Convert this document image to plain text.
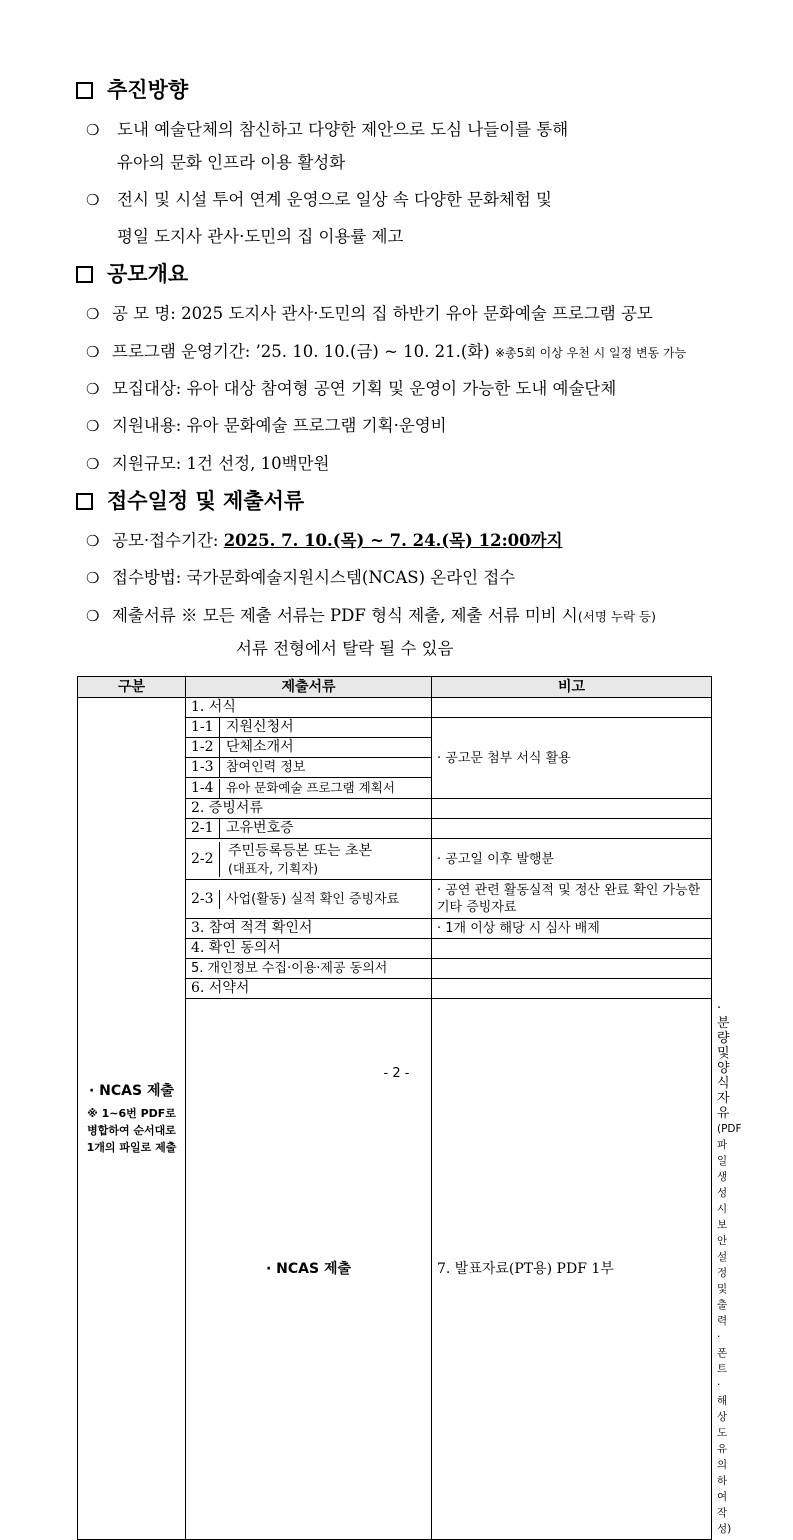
추진방향
❍	도내 예술단체의 참신하고 다양한 제안으로 도심 나들이를 통해
유아의 문화 인프라 이용 활성화
❍	전시 및 시설 투어 연계 운영으로 일상 속 다양한 문화체험 및
평일 도지사 관사·도민의 집 이용률 제고
공모개요
❍ 공 모 명: 2025 도지사 관사·도민의 집 하반기 유아 문화예술 프로그램 공모
❍ 프로그램 운영기간: ’25. 10. 10.(금) ~ 10. 21.(화) ※총5회 이상 우천 시 일정 변동 가능
❍ 모집대상: 유아 대상 참여형 공연 기획 및 운영이 가능한 도내 예술단체
❍ 지원내용: 유아 문화예술 프로그램 기획·운영비
❍ 지원규모: 1건 선정, 10백만원
접수일정 및 제출서류
❍ 공모·접수기간: 2025. 7. 10.(목) ~ 7. 24.(목) 12:00까지
❍ 접수방법: 국가문화예술지원시스템(NCAS) 온라인 접수
❍ 제출서류 ※ 모든 제출 서류는 PDF 형식 제출, 제출 서류 미비 시(서명 누락 등)
서류 전형에서 탈락 될 수 있음
구분	제출서류	비고	

· NCAS 제출
※ 1~6번 PDF로 병합하여 순서대로 1개의 파일로 제출	1. 서식		
	1-1 지원신청서	· 공고문 첨부 서식 활용	
	1-2 단체소개서		
	1-3 참여인력 정보		
	1-4 유아 문화예술 프로그램 계획서		
	2. 증빙서류		
	2-1 고유번호증		

	2-2 주민등록등본 또는 초본
(대표자, 기획자)	· 공고일 이후 발행분	
	2-3 사업(활동) 실적 확인 증빙자료	· 공연 관련 활동실적 및 정산 완료 확인 가능한 기타 증빙자료	
	3. 참여 적격 확인서	· 1개 이상 해당 시 심사 배제	
	4. 확인 동의서		
	5. 개인정보 수집·이용·제공 동의서		
	6. 서약서		
	· NCAS 제출	7. 발표자료(PT용) PDF 1부	· 분량 및 양식 자유(PDF 파일 생성 시 보안설정 및 출력·폰트·해상도 유의하여 작성)
- 2 -
